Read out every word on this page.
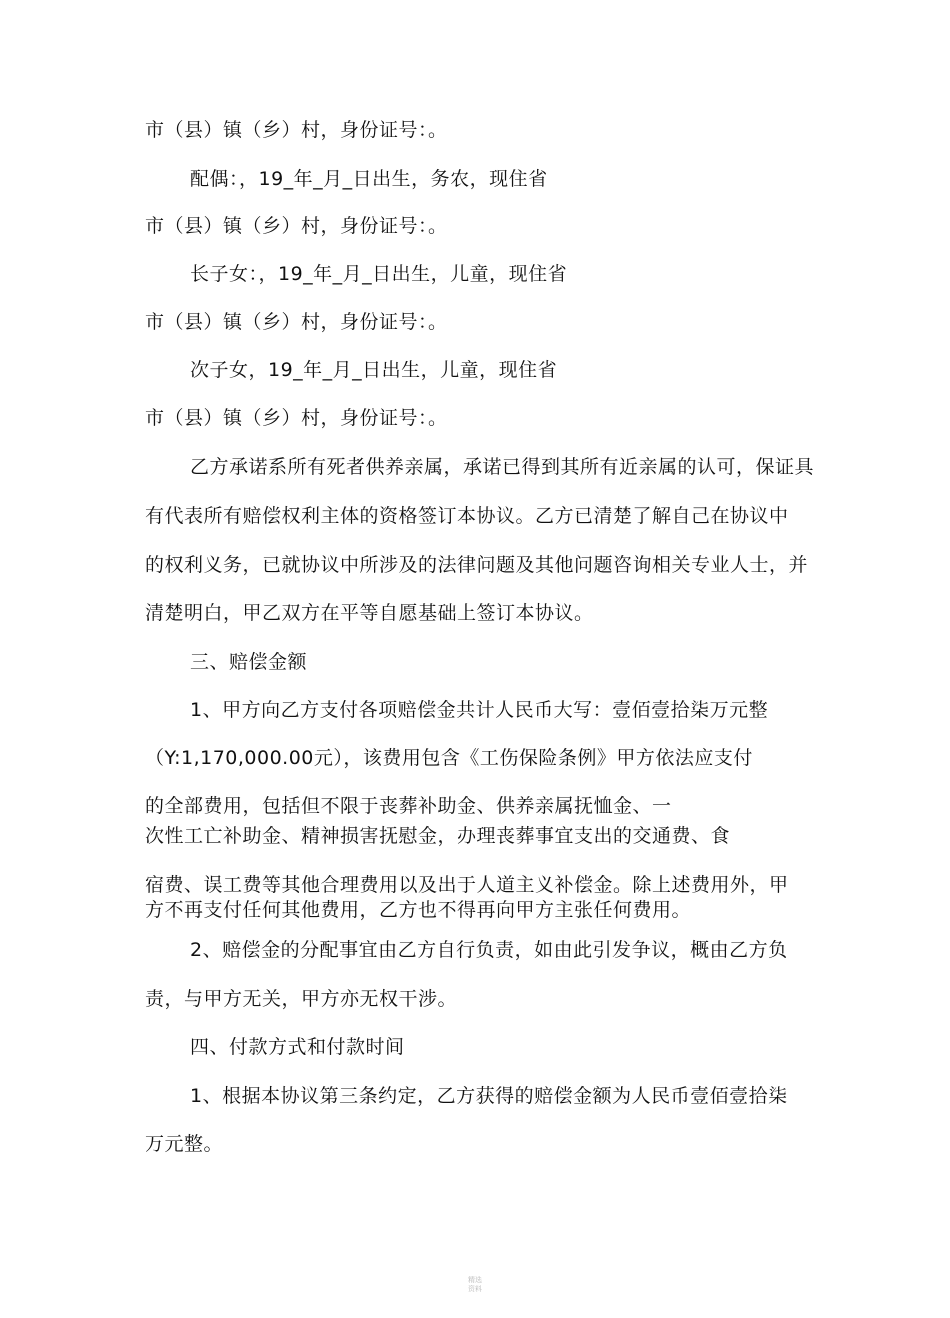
市（县）镇（乡）村，身份证号：。
配偶：，19_年_月_日出生，务农，现住省
市（县）镇（乡）村，身份证号：。
长子女：，19_年_月_日出生，儿童，现住省
市（县）镇（乡）村，身份证号：。
次子女，19_年_月_日出生，儿童，现住省
市（县）镇（乡）村，身份证号：。
乙方承诺系所有死者供养亲属，承诺已得到其所有近亲属的认可，保证具
有代表所有赔偿权利主体的资格签订本协议。乙方已清楚了解自己在协议中
的权利义务，已就协议中所涉及的法律问题及其他问题咨询相关专业人士，并
清楚明白，甲乙双方在平等自愿基础上签订本协议。
三、赔偿金额
1、甲方向乙方支付各项赔偿金共计人民币大写：壹佰壹拾柒万元整
（Y:1,170,000.00元），该费用包含《工伤保险条例》甲方依法应支付
的全部费用，包括但不限于丧葬补助金、供养亲属抚恤金、一
次性工亡补助金、精神损害抚慰金，办理丧葬事宜支出的交通费、食
宿费、误工费等其他合理费用以及出于人道主义补偿金。除上述费用外，甲
方不再支付任何其他费用，乙方也不得再向甲方主张任何费用。
2、赔偿金的分配事宜由乙方自行负责，如由此引发争议，概由乙方负
责，与甲方无关，甲方亦无权干涉。
四、付款方式和付款时间
1、根据本协议第三条约定，乙方获得的赔偿金额为人民币壹佰壹拾柒
万元整。
精选
资料
